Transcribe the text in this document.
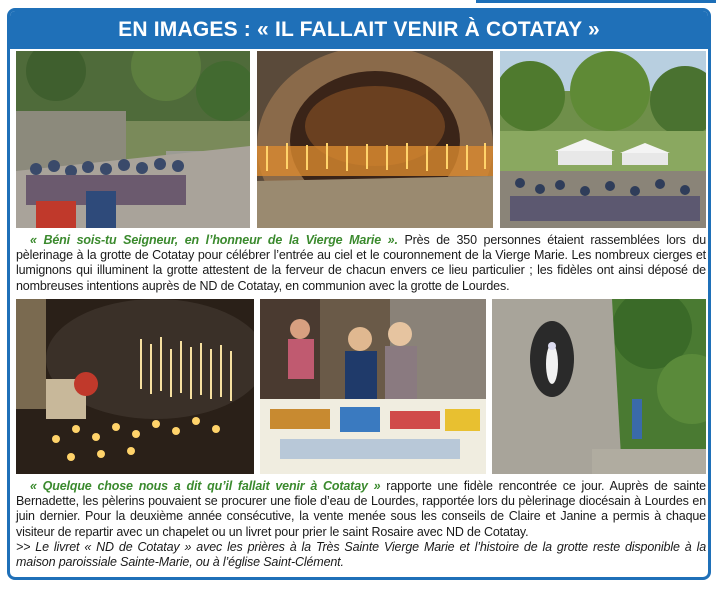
EN IMAGES : « IL FALLAIT VENIR À COTATAY »

« Béni sois-tu Seigneur, en l’honneur de la Vierge Marie ». Près de 350 personnes étaient rassemblées lors du pèlerinage à la grotte de Cotatay pour célébrer l’entrée au ciel et le couronnement de la Vierge Marie. Les nombreux cierges et lumignons qui illuminent la grotte attestent de la ferveur de chacun envers ce lieu particulier ; les fidèles ont ainsi déposé de nombreuses intentions auprès de ND de Cotatay, en communion avec la grotte de Lourdes.

« Quelque chose nous a dit qu’il fallait venir à Cotatay » rapporte une fidèle rencontrée ce jour. Auprès de sainte Bernadette, les pèlerins pouvaient se procurer une fiole d’eau de Lourdes, rapportée lors du pèlerinage diocésain à Lourdes en juin dernier. Pour la deuxième année consécutive, la vente menée sous les conseils de Claire et Janine a permis à chaque visiteur de repartir avec un chapelet ou un livret pour prier le saint Rosaire avec ND de Cotatay.
>> Le livret « ND de Cotatay » avec les prières à la Très Sainte Vierge Marie et l’histoire de la grotte reste disponible à la maison paroissiale Sainte-Marie, ou à l’église Saint-Clément.
